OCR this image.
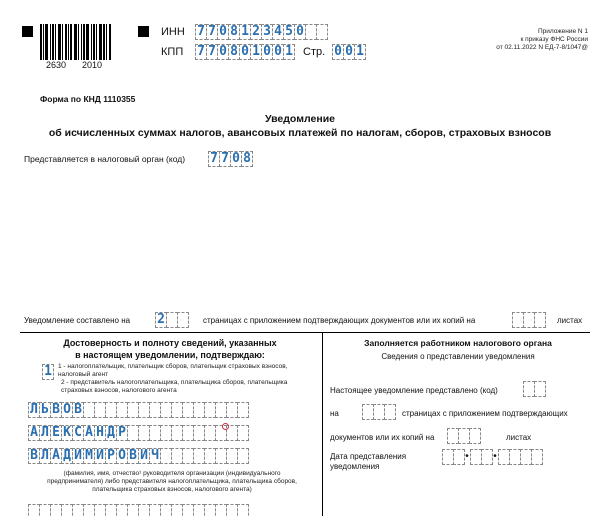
2630 2010
ИНН 7 7 0 8 1 2 3 4 5 0
КПП 7 7 0 8 0 1 0 0 1 Стр. 0 0 1
Приложение N 1
к приказу ФНС России
от 02.11.2022 N ЕД-7-8/1047@
Форма по КНД 1110355
Уведомление
об исчисленных суммах налогов, авансовых платежей по налогам, сборов, страховых взносов
Представляется в налоговый орган (код) 7 7 0 8
Уведомление составлено на 2	страницах с приложением подтверждающих документов или их копий на	листах
Достоверность и полноту сведений, указанных
в настоящем уведомлении, подтверждаю:
1 1 - налогоплательщик, плательщик сборов, плательщик страховых взносов,
налоговый агент
2 - представитель налогоплательщика, плательщика сборов, плательщика
страховых взносов, налогового агента
Л Ь В О В
А Л Е К С А Н Д Р
В Л А Д И М И Р О В И Ч
(фамилия, имя, отчество¹ руководителя организации (индивидуального
предпринимателя) либо представителя налогоплательщика, плательщика сборов,
плательщика страховых взносов, налогового агента)
Заполняется работником налогового органа
Сведения о представлении уведомления
Настоящее уведомление представлено (код)
на	страницах с приложением подтверждающих
документов или их копий на	листах
Дата представления
уведомления
• •
